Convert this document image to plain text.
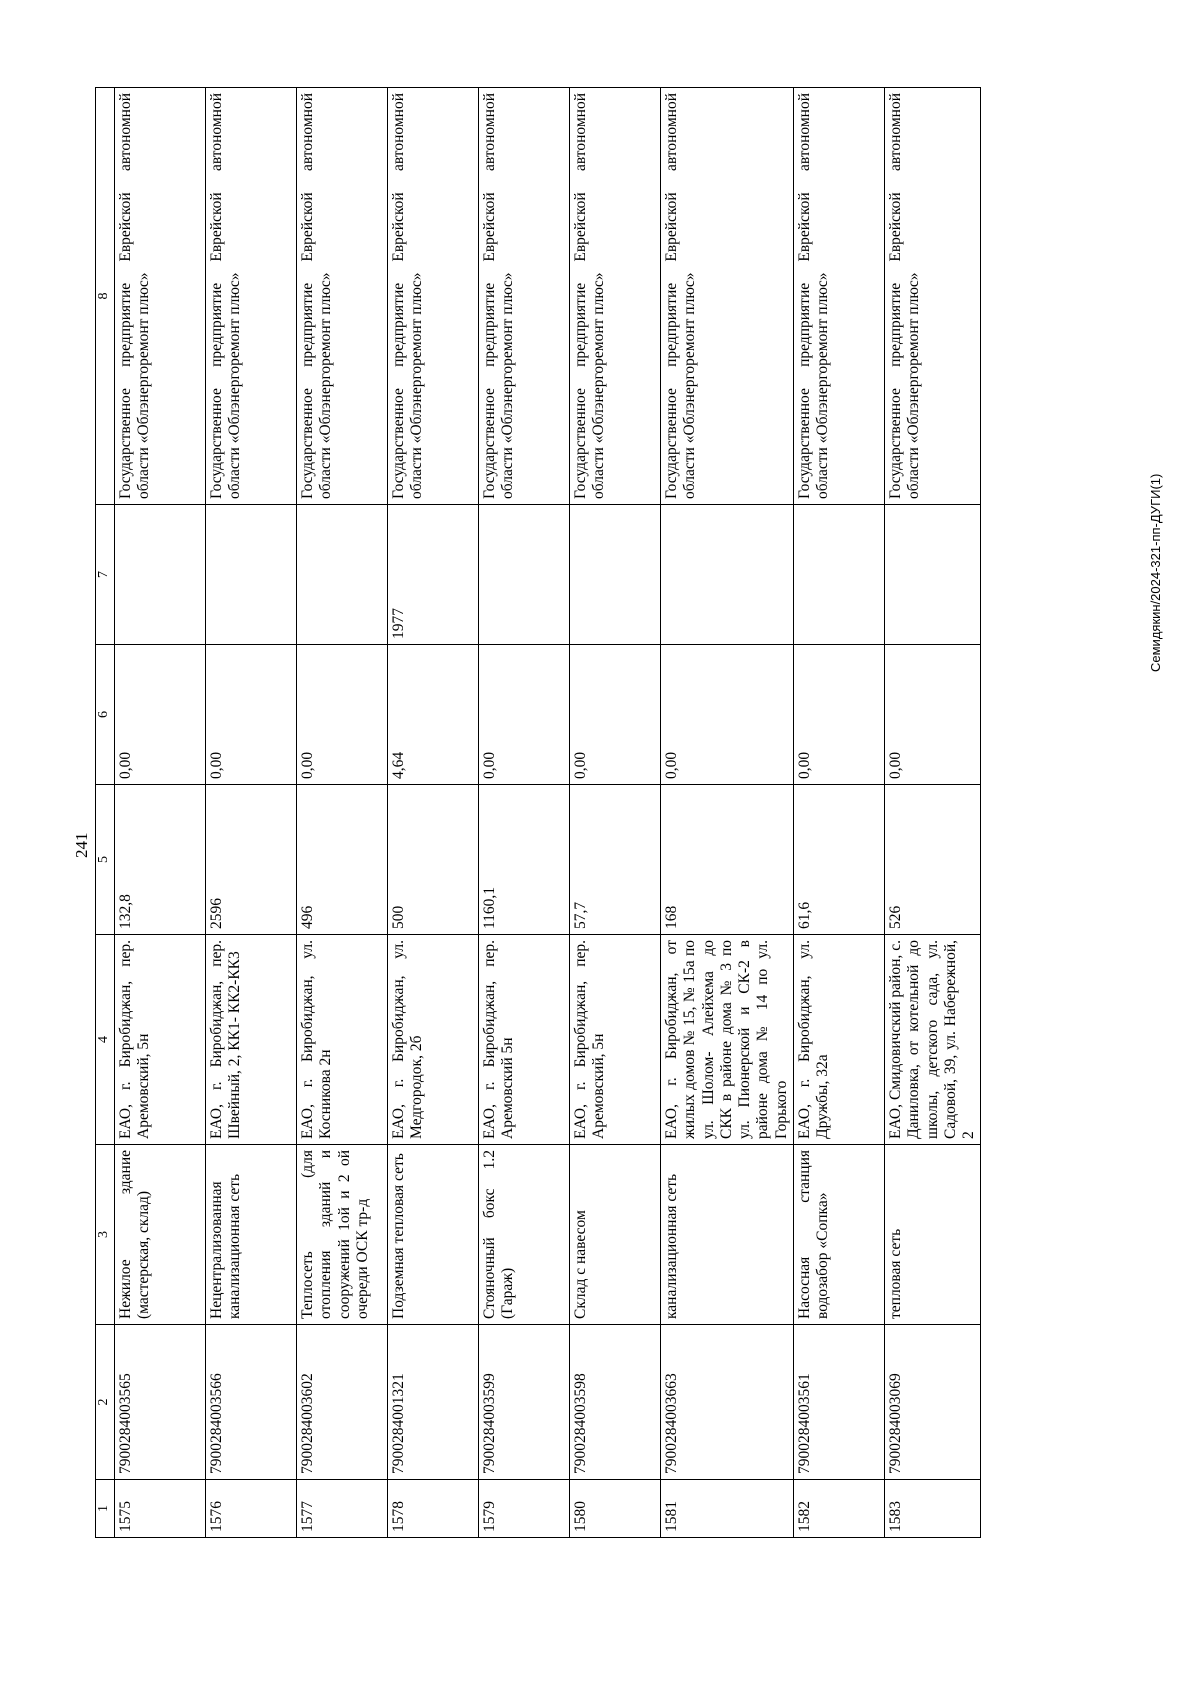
241
1	2	3	4	5	6	7	8
1575	7900284003565	Нежилое здание (мастерская, склад)	ЕАО, г. Биробиджан, пер. Аремовский, 5н	132,8	0,00		Государственное предприятие Еврейской автономной области «Облэнергоремонт плюс»
1576	7900284003566	Нецентрализованная канализационная сеть	ЕАО, г. Биробиджан, пер. Швейный, 2, КК1- КК2-КК3	2596	0,00		Государственное предприятие Еврейской автономной области «Облэнергоремонт плюс»
1577	7900284003602	Теплосеть (для отопления зданий и сооружений 1ой и 2 ой очереди ОСК тр-д	ЕАО, г. Биробиджан, ул. Косникова 2н	496	0,00		Государственное предприятие Еврейской автономной области «Облэнергоремонт плюс»
1578	7900284001321	Подземная тепловая сеть	ЕАО, г. Биробиджан, ул. Медгородок, 2б	500	4,64	1977	Государственное предприятие Еврейской автономной области «Облэнергоремонт плюс»
1579	7900284003599	Стояночный бокс 1.2 (Гараж)	ЕАО, г. Биробиджан, пер. Аремовский 5н	1160,1	0,00		Государственное предприятие Еврейской автономной области «Облэнергоремонт плюс»
1580	7900284003598	Склад с навесом	ЕАО, г. Биробиджан, пер. Аремовский, 5н	57,7	0,00		Государственное предприятие Еврейской автономной области «Облэнергоремонт плюс»
1581	7900284003663	канализационная сеть	ЕАО, г. Биробиджан, от жилых домов № 15, № 15а по ул. Шолом- Алейхема до СКК в районе дома № 3 по ул. Пионерской и СК-2 в районе дома № 14 по ул. Горького	168	0,00		Государственное предприятие Еврейской автономной области «Облэнергоремонт плюс»
1582	7900284003561	Насосная станция водозабор «Сопка»	ЕАО, г. Биробиджан, ул. Дружбы, 32а	61,6	0,00		Государственное предприятие Еврейской автономной области «Облэнергоремонт плюс»
1583	7900284003069	тепловая сеть	ЕАО, Смидовичский район, с. Даниловка, от котельной до школы, детского сада, ул. Садовой, 39, ул. Набережной, 2	526	0,00		Государственное предприятие Еврейской автономной области «Облэнергоремонт плюс»
Семидякин/2024-321-пп-ДУГИ(1)
